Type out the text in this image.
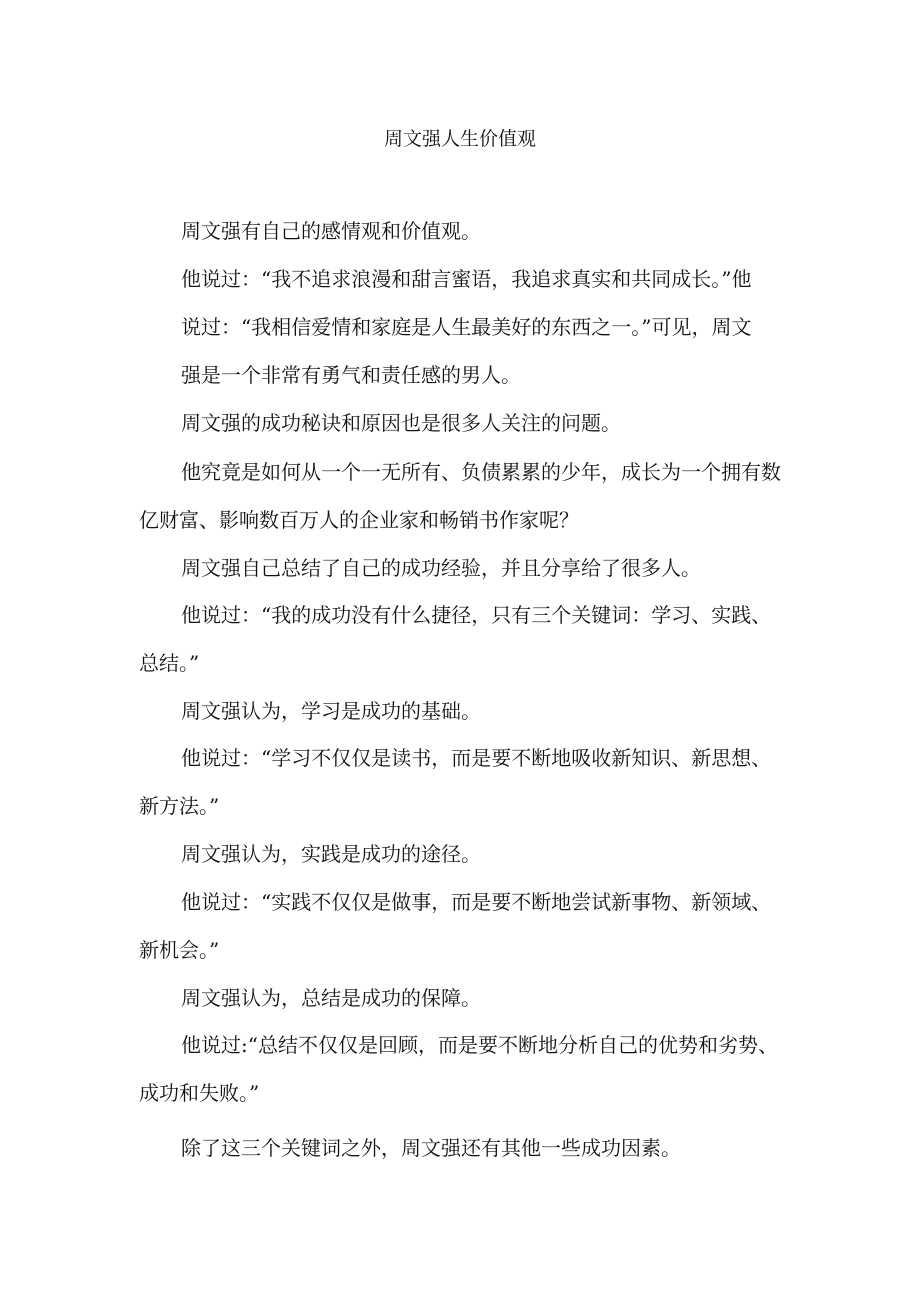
周文强人生价值观
周文强有自己的感情观和价值观。
他说过：“我不追求浪漫和甜言蜜语，我追求真实和共同成长。”他
说过：“我相信爱情和家庭是人生最美好的东西之一。”可见，周文
强是一个非常有勇气和责任感的男人。
周文强的成功秘诀和原因也是很多人关注的问题。
他究竟是如何从一个一无所有、负债累累的少年，成长为一个拥有数
亿财富、影响数百万人的企业家和畅销书作家呢？
周文强自己总结了自己的成功经验，并且分享给了很多人。
他说过：“我的成功没有什么捷径，只有三个关键词：学习、实践、
总结。”
周文强认为，学习是成功的基础。
他说过：“学习不仅仅是读书，而是要不断地吸收新知识、新思想、
新方法。”
周文强认为，实践是成功的途径。
他说过：“实践不仅仅是做事，而是要不断地尝试新事物、新领域、
新机会。”
周文强认为，总结是成功的保障。
他说过:“总结不仅仅是回顾，而是要不断地分析自己的优势和劣势、
成功和失败。”
除了这三个关键词之外，周文强还有其他一些成功因素。
